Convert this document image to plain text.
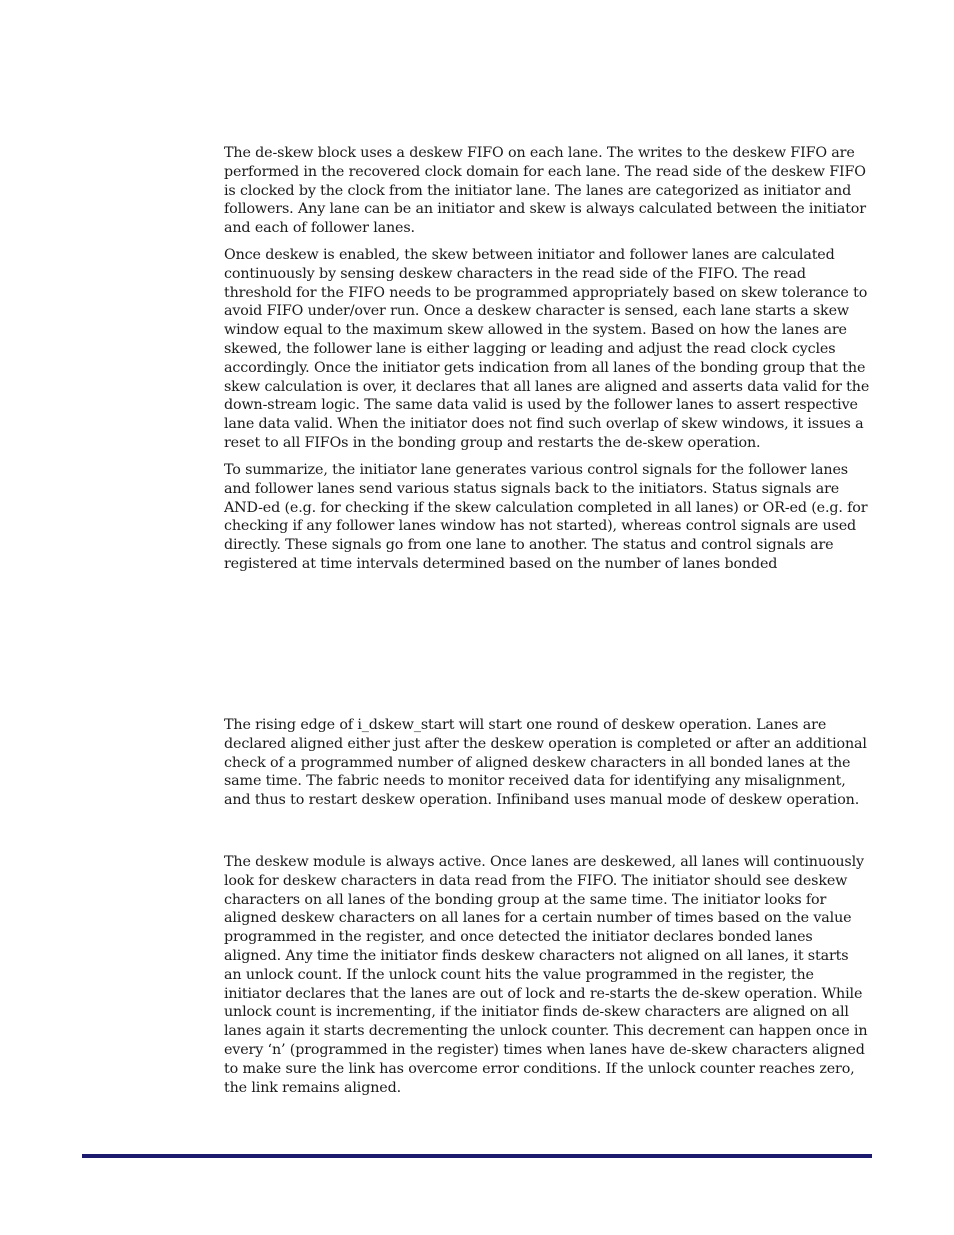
The de-skew block uses a deskew FIFO on each lane. The writes to the deskew FIFO are performed in the recovered clock domain for each lane. The read side of the deskew FIFO is clocked by the clock from the initiator lane. The lanes are categorized as initiator and followers. Any lane can be an initiator and skew is always calculated between the initiator and each of follower lanes.

Once deskew is enabled, the skew between initiator and follower lanes are calculated continuously by sensing deskew characters in the read side of the FIFO. The read threshold for the FIFO needs to be programmed appropriately based on skew tolerance to avoid FIFO under/over run. Once a deskew character is sensed, each lane starts a skew window equal to the maximum skew allowed in the system. Based on how the lanes are skewed, the follower lane is either lagging or leading and adjust the read clock cycles accordingly. Once the initiator gets indication from all lanes of the bonding group that the skew calculation is over, it declares that all lanes are aligned and asserts data valid for the down-stream logic. The same data valid is used by the follower lanes to assert respective lane data valid. When the initiator does not find such overlap of skew windows, it issues a reset to all FIFOs in the bonding group and restarts the de-skew operation.

To summarize, the initiator lane generates various control signals for the follower lanes and follower lanes send various status signals back to the initiators. Status signals are AND-ed (e.g. for checking if the skew calculation completed in all lanes) or OR-ed (e.g. for checking if any follower lanes window has not started), whereas control signals are used directly. These signals go from one lane to another. The status and control signals are registered at time intervals determined based on the number of lanes bonded

The rising edge of i_dskew_start will start one round of deskew operation. Lanes are declared aligned either just after the deskew operation is completed or after an additional check of a programmed number of aligned deskew characters in all bonded lanes at the same time. The fabric needs to monitor received data for identifying any misalignment, and thus to restart deskew operation. Infiniband uses manual mode of deskew operation.

The deskew module is always active. Once lanes are deskewed, all lanes will continuously look for deskew characters in data read from the FIFO. The initiator should see deskew characters on all lanes of the bonding group at the same time. The initiator looks for aligned deskew characters on all lanes for a certain number of times based on the value programmed in the register, and once detected the initiator declares bonded lanes aligned. Any time the initiator finds deskew characters not aligned on all lanes, it starts an unlock count. If the unlock count hits the value programmed in the register, the initiator declares that the lanes are out of lock and re-starts the de-skew operation. While unlock count is incrementing, if the initiator finds de-skew characters are aligned on all lanes again it starts decrementing the unlock counter. This decrement can happen once in every ‘n’ (programmed in the register) times when lanes have de-skew characters aligned to make sure the link has overcome error conditions. If the unlock counter reaches zero, the link remains aligned.
